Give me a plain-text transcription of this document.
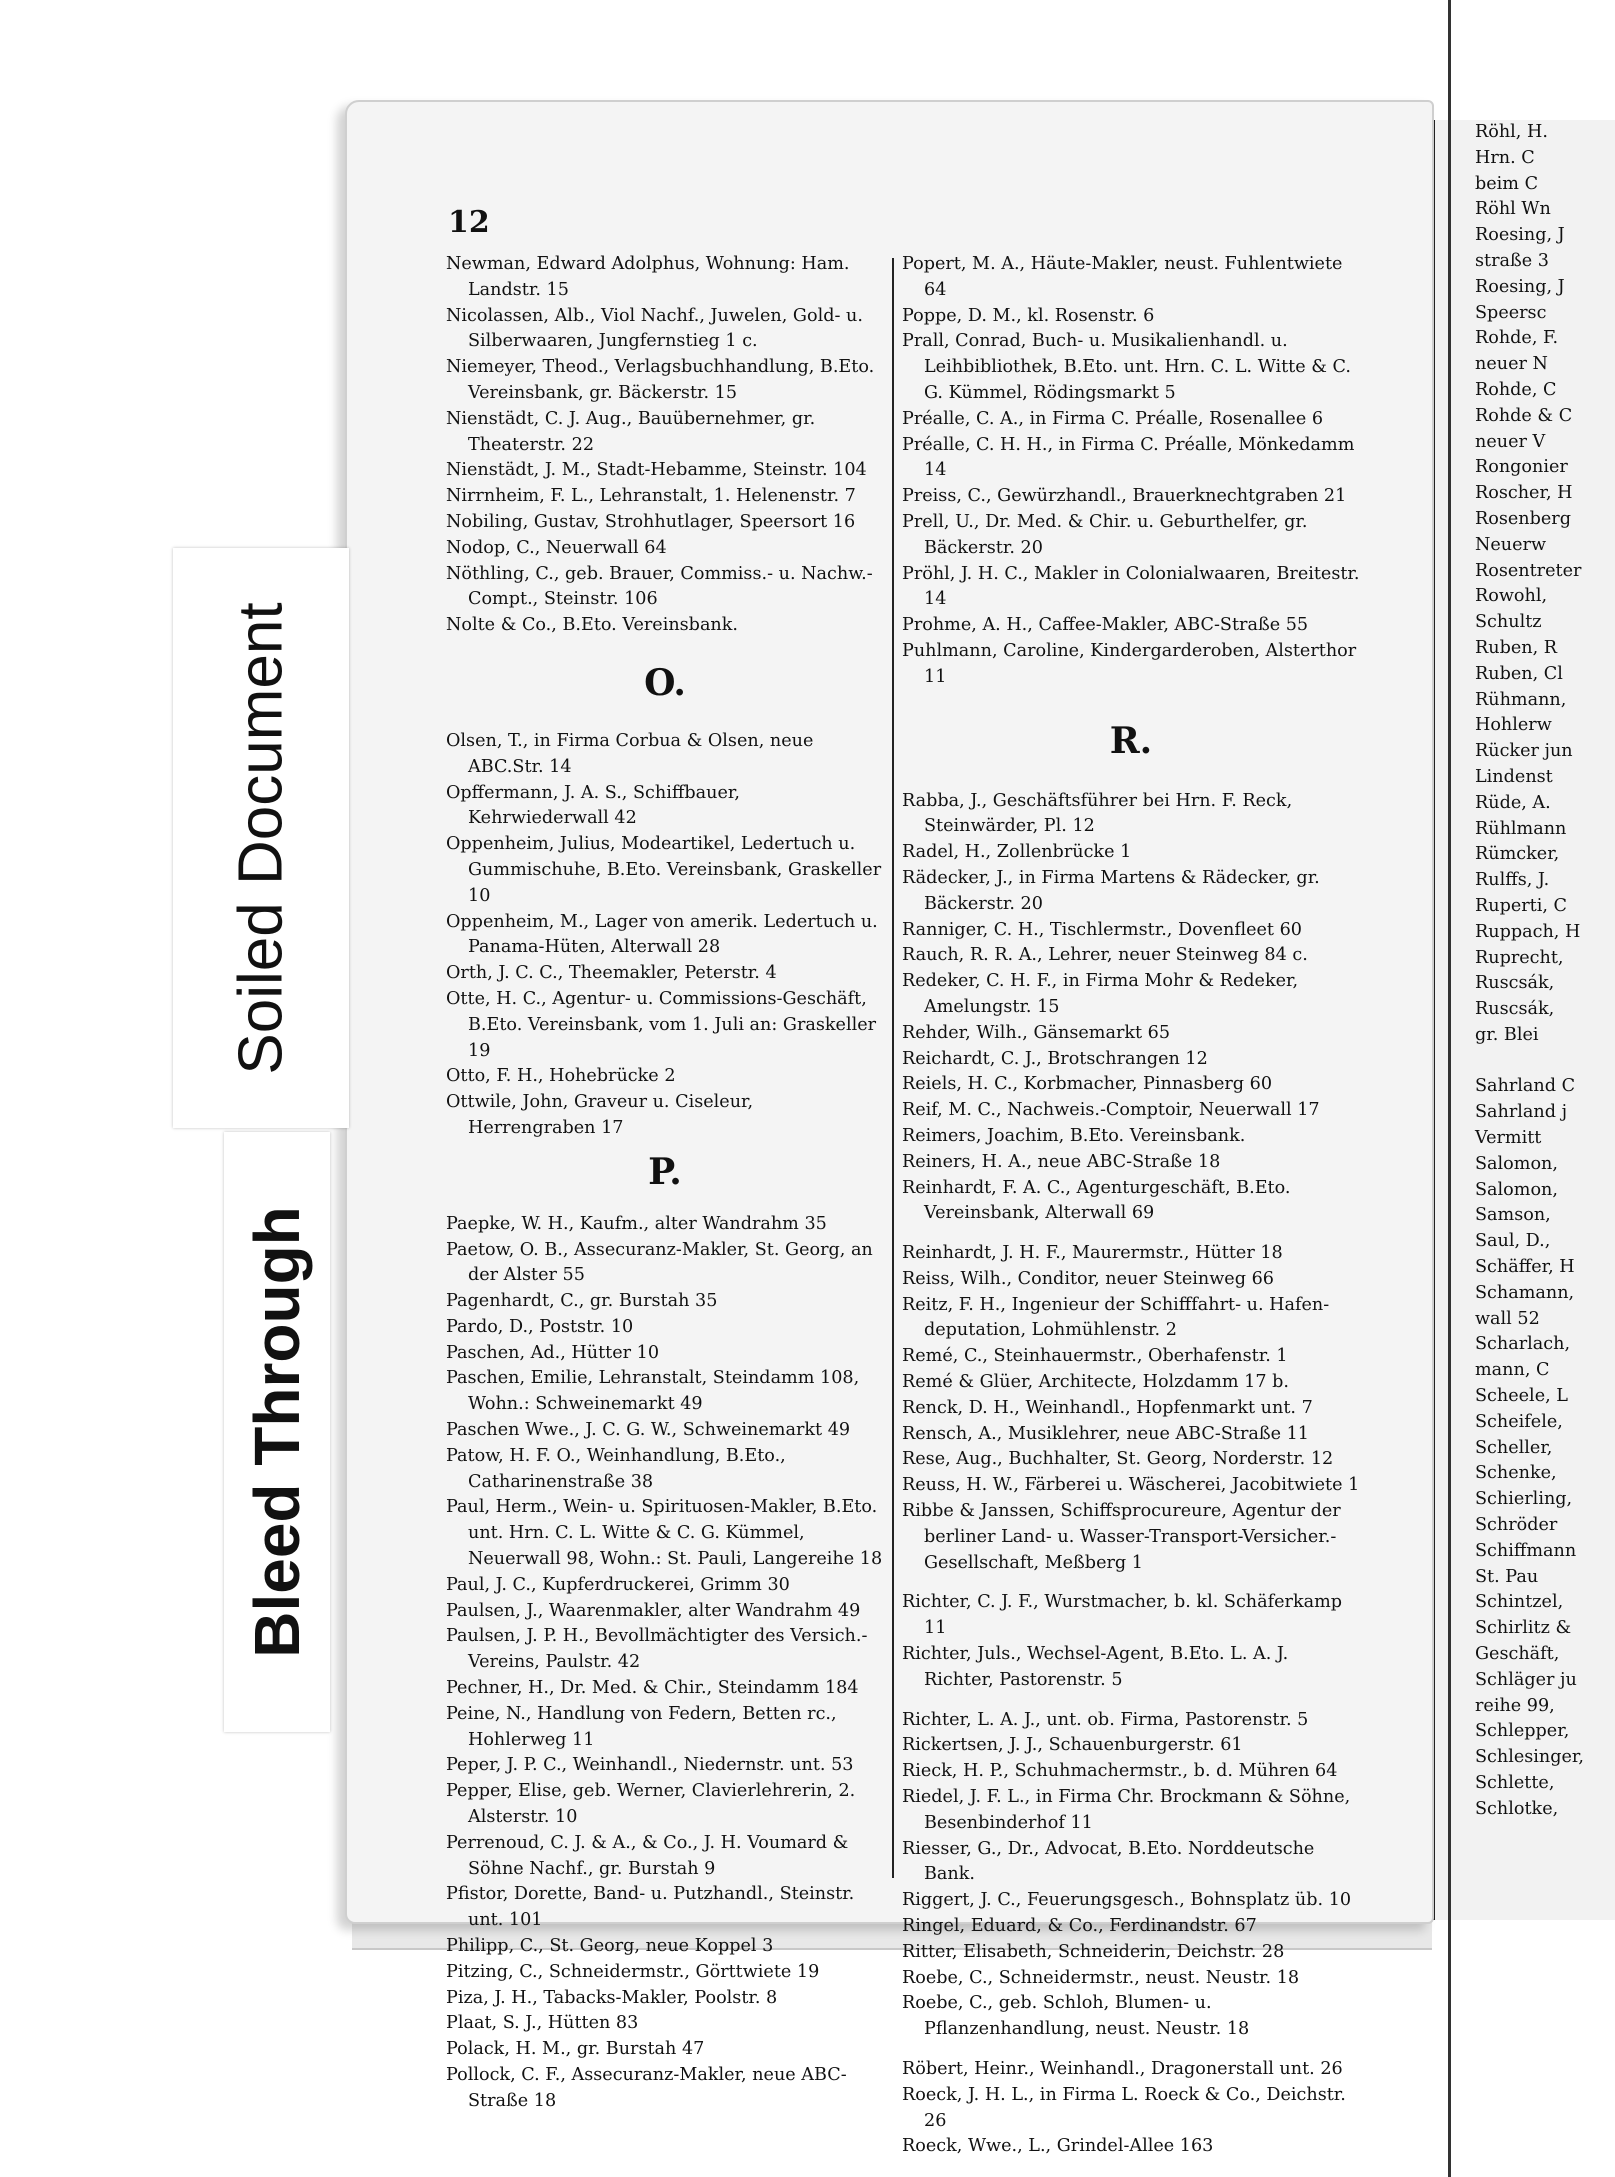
Röhl, H.

Hrn. C

beim C

Röhl Wn

Roesing, J

straße 3

Roesing, J

Speersc

Rohde, F.

neuer N

Rohde, C

Rohde & C

neuer V

Rongonier

Roscher, H

Rosenberg

Neuerw

Rosentreter

Rowohl,

Schultz

Ruben, R

Ruben, Cl

Rühmann,

Hohlerw

Rücker jun

Lindenst

Rüde, A.

Rühlmann

Rümcker,

Rulffs, J.

Ruperti, C

Ruppach, H

Ruprecht,

Ruscsák,

Ruscsák,

gr. Blei

Sahrland C

Sahrland j

Vermitt

Salomon,

Salomon,

Samson,

Saul, D.,

Schäffer, H

Schamann,

wall 52

Scharlach,

mann, C

Scheele, L

Scheifele,

Scheller,

Schenke,

Schierling,

Schröder

Schiffmann

St. Pau

Schintzel,

Schirlitz &

Geschäft,

Schläger ju

reihe 99,

Schlepper,

Schlesinger,

Schlette,

Schlotke,

12

Newman, Edward Adolphus, Wohnung: Ham. Landstr. 15

Nicolassen, Alb., Viol Nachf., Juwelen, Gold- u. Silberwaaren, Jungfernstieg 1 c.

Niemeyer, Theod., Verlagsbuchhandlung, B.Eto. Vereinsbank, gr. Bäckerstr. 15

Nienstädt, C. J. Aug., Bauübernehmer, gr. Theaterstr. 22

Nienstädt, J. M., Stadt-Hebamme, Steinstr. 104

Nirrnheim, F. L., Lehranstalt, 1. Helenenstr. 7

Nobiling, Gustav, Strohhutlager, Speersort 16

Nodop, C., Neuerwall 64

Nöthling, C., geb. Brauer, Commiss.- u. Nachw.-Compt., Steinstr. 106

Nolte & Co., B.Eto. Vereinsbank.

O.

Olsen, T., in Firma Corbua & Olsen, neue ABC.Str. 14

Opffermann, J. A. S., Schiffbauer, Kehrwiederwall 42

Oppenheim, Julius, Modeartikel, Ledertuch u. Gummischuhe, B.Eto. Vereinsbank, Graskeller 10

Oppenheim, M., Lager von amerik. Ledertuch u. Panama-Hüten, Alterwall 28

Orth, J. C. C., Theemakler, Peterstr. 4

Otte, H. C., Agentur- u. Commissions-Geschäft, B.Eto. Vereinsbank, vom 1. Juli an: Graskeller 19

Otto, F. H., Hohebrücke 2

Ottwile, John, Graveur u. Ciseleur, Herrengraben 17

P.

Paepke, W. H., Kaufm., alter Wandrahm 35

Paetow, O. B., Assecuranz-Makler, St. Georg, an der Alster 55

Pagenhardt, C., gr. Burstah 35

Pardo, D., Poststr. 10

Paschen, Ad., Hütter 10

Paschen, Emilie, Lehranstalt, Steindamm 108, Wohn.: Schweinemarkt 49

Paschen Wwe., J. C. G. W., Schweinemarkt 49

Patow, H. F. O., Weinhandlung, B.Eto., Catharinenstraße 38

Paul, Herm., Wein- u. Spirituosen-Makler, B.Eto. unt. Hrn. C. L. Witte & C. G. Kümmel, Neuerwall 98, Wohn.: St. Pauli, Langereihe 18

Paul, J. C., Kupferdruckerei, Grimm 30

Paulsen, J., Waarenmakler, alter Wandrahm 49

Paulsen, J. P. H., Bevollmächtigter des Versich.-Vereins, Paulstr. 42

Pechner, H., Dr. Med. & Chir., Steindamm 184

Peine, N., Handlung von Federn, Betten rc., Hohlerweg 11

Peper, J. P. C., Weinhandl., Niedernstr. unt. 53

Pepper, Elise, geb. Werner, Clavierlehrerin, 2. Alsterstr. 10

Perrenoud, C. J. & A., & Co., J. H. Voumard & Söhne Nachf., gr. Burstah 9

Pfistor, Dorette, Band- u. Putzhandl., Steinstr. unt. 101

Philipp, C., St. Georg, neue Koppel 3

Pitzing, C., Schneidermstr., Görttwiete 19

Piza, J. H., Tabacks-Makler, Poolstr. 8

Plaat, S. J., Hütten 83

Polack, H. M., gr. Burstah 47

Pollock, C. F., Assecuranz-Makler, neue ABC-Straße 18

Popert, M. A., Häute-Makler, neust. Fuhlentwiete 64

Poppe, D. M., kl. Rosenstr. 6

Prall, Conrad, Buch- u. Musikalienhandl. u. Leihbibliothek, B.Eto. unt. Hrn. C. L. Witte & C. G. Kümmel, Rödingsmarkt 5

Préalle, C. A., in Firma C. Préalle, Rosenallee 6

Préalle, C. H. H., in Firma C. Préalle, Mönkedamm 14

Preiss, C., Gewürzhandl., Brauerknechtgraben 21

Prell, U., Dr. Med. & Chir. u. Geburthelfer, gr. Bäckerstr. 20

Pröhl, J. H. C., Makler in Colonialwaaren, Breitestr. 14

Prohme, A. H., Caffee-Makler, ABC-Straße 55

Puhlmann, Caroline, Kindergarderoben, Alsterthor 11

R.

Rabba, J., Geschäftsführer bei Hrn. F. Reck, Steinwärder, Pl. 12

Radel, H., Zollenbrücke 1

Rädecker, J., in Firma Martens & Rädecker, gr. Bäckerstr. 20

Ranniger, C. H., Tischlermstr., Dovenfleet 60

Rauch, R. R. A., Lehrer, neuer Steinweg 84 c.

Redeker, C. H. F., in Firma Mohr & Redeker, Amelungstr. 15

Rehder, Wilh., Gänsemarkt 65

Reichardt, C. J., Brotschrangen 12

Reiels, H. C., Korbmacher, Pinnasberg 60

Reif, M. C., Nachweis.-Comptoir, Neuerwall 17

Reimers, Joachim, B.Eto. Vereinsbank.

Reiners, H. A., neue ABC-Straße 18

Reinhardt, F. A. C., Agenturgeschäft, B.Eto. Vereinsbank, Alterwall 69

Reinhardt, J. H. F., Maurermstr., Hütter 18

Reiss, Wilh., Conditor, neuer Steinweg 66

Reitz, F. H., Ingenieur der Schifffahrt- u. Hafen-deputation, Lohmühlenstr. 2

Remé, C., Steinhauermstr., Oberhafenstr. 1

Remé & Glüer, Architecte, Holzdamm 17 b.

Renck, D. H., Weinhandl., Hopfenmarkt unt. 7

Rensch, A., Musiklehrer, neue ABC-Straße 11

Rese, Aug., Buchhalter, St. Georg, Norderstr. 12

Reuss, H. W., Färberei u. Wäscherei, Jacobitwiete 1

Ribbe & Janssen, Schiffsprocureure, Agentur der berliner Land- u. Wasser-Transport-Versicher.-Gesellschaft, Meßberg 1

Richter, C. J. F., Wurstmacher, b. kl. Schäferkamp 11

Richter, Juls., Wechsel-Agent, B.Eto. L. A. J. Richter, Pastorenstr. 5

Richter, L. A. J., unt. ob. Firma, Pastorenstr. 5

Rickertsen, J. J., Schauenburgerstr. 61

Rieck, H. P., Schuhmachermstr., b. d. Mühren 64

Riedel, J. F. L., in Firma Chr. Brockmann & Söhne, Besenbinderhof 11

Riesser, G., Dr., Advocat, B.Eto. Norddeutsche Bank.

Riggert, J. C., Feuerungsgesch., Bohnsplatz üb. 10

Ringel, Eduard, & Co., Ferdinandstr. 67

Ritter, Elisabeth, Schneiderin, Deichstr. 28

Roebe, C., Schneidermstr., neust. Neustr. 18

Roebe, C., geb. Schloh, Blumen- u. Pflanzenhandlung, neust. Neustr. 18

Röbert, Heinr., Weinhandl., Dragonerstall unt. 26

Roeck, J. H. L., in Firma L. Roeck & Co., Deichstr. 26

Roeck, Wwe., L., Grindel-Allee 163

Soiled Document
Bleed Through
